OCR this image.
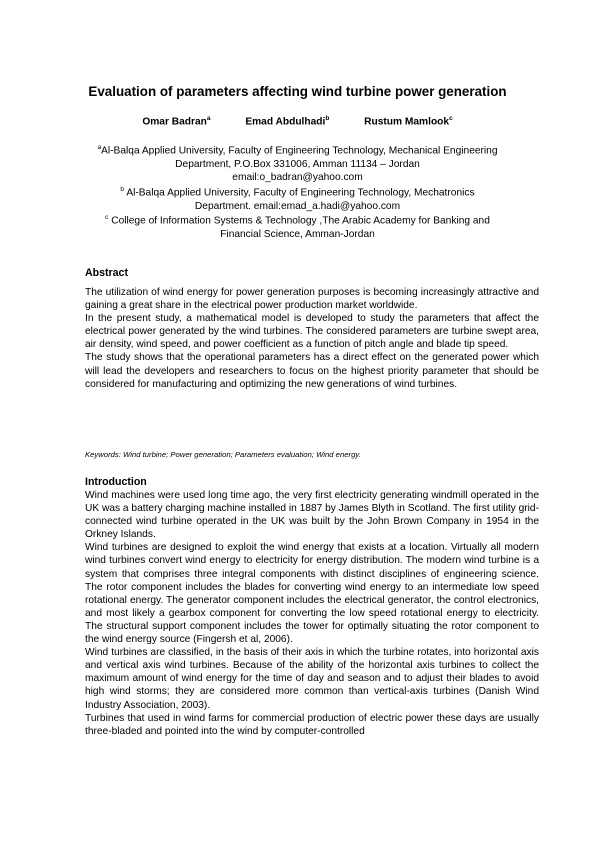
Evaluation of parameters affecting wind turbine power generation
Omar Badran$^a$	Emad Abdulhadi$^b$	Rustum Mamlook$^c$
$^a$Al-Balqa Applied University, Faculty of Engineering Technology, Mechanical Engineering Department, P.O.Box 331006, Amman 11134 – Jordan
email:o_badran@yahoo.com
$^b$ Al-Balqa Applied University, Faculty of Engineering Technology, Mechatronics Department. email:emad_a.hadi@yahoo.com
$^c$ College of Information Systems & Technology ,The Arabic Academy for Banking and Financial Science, Amman-Jordan
Abstract

The utilization of wind energy for power generation purposes is becoming increasingly attractive and gaining a great share in the electrical power production market worldwide.

In the present study, a mathematical model is developed to study the parameters that affect the electrical power generated by the wind turbines. The considered parameters are turbine swept area, air density, wind speed, and power coefficient as a function of pitch angle and blade tip speed.

The study shows that the operational parameters has a direct effect on the generated power which will lead the developers and researchers to focus on the highest priority parameter that should be considered for manufacturing and optimizing the new generations of wind turbines.

Keywords: Wind turbine; Power generation; Parameters evaluation; Wind energy.
Introduction

Wind machines were used long time ago, the very first electricity generating windmill operated in the UK was a battery charging machine installed in 1887 by James Blyth in Scotland. The first utility grid-connected wind turbine operated in the UK was built by the John Brown Company in 1954 in the Orkney Islands.

Wind turbines are designed to exploit the wind energy that exists at a location. Virtually all modern wind turbines convert wind energy to electricity for energy distribution. The modern wind turbine is a system that comprises three integral components with distinct disciplines of engineering science. The rotor component includes the blades for converting wind energy to an intermediate low speed rotational energy. The generator component includes the electrical generator, the control electronics, and most likely a gearbox component for converting the low speed rotational energy to electricity. The structural support component includes the tower for optimally situating the rotor component to the wind energy source (Fingersh et al, 2006).

Wind turbines are classified, in the basis of their axis in which the turbine rotates, into horizontal axis and vertical axis wind turbines. Because of the ability of the horizontal axis turbines to collect the maximum amount of wind energy for the time of day and season and to adjust their blades to avoid high wind storms; they are considered more common than vertical-axis turbines (Danish Wind Industry Association, 2003).

Turbines that used in wind farms for commercial production of electric power these days are usually three-bladed and pointed into the wind by computer-controlled
